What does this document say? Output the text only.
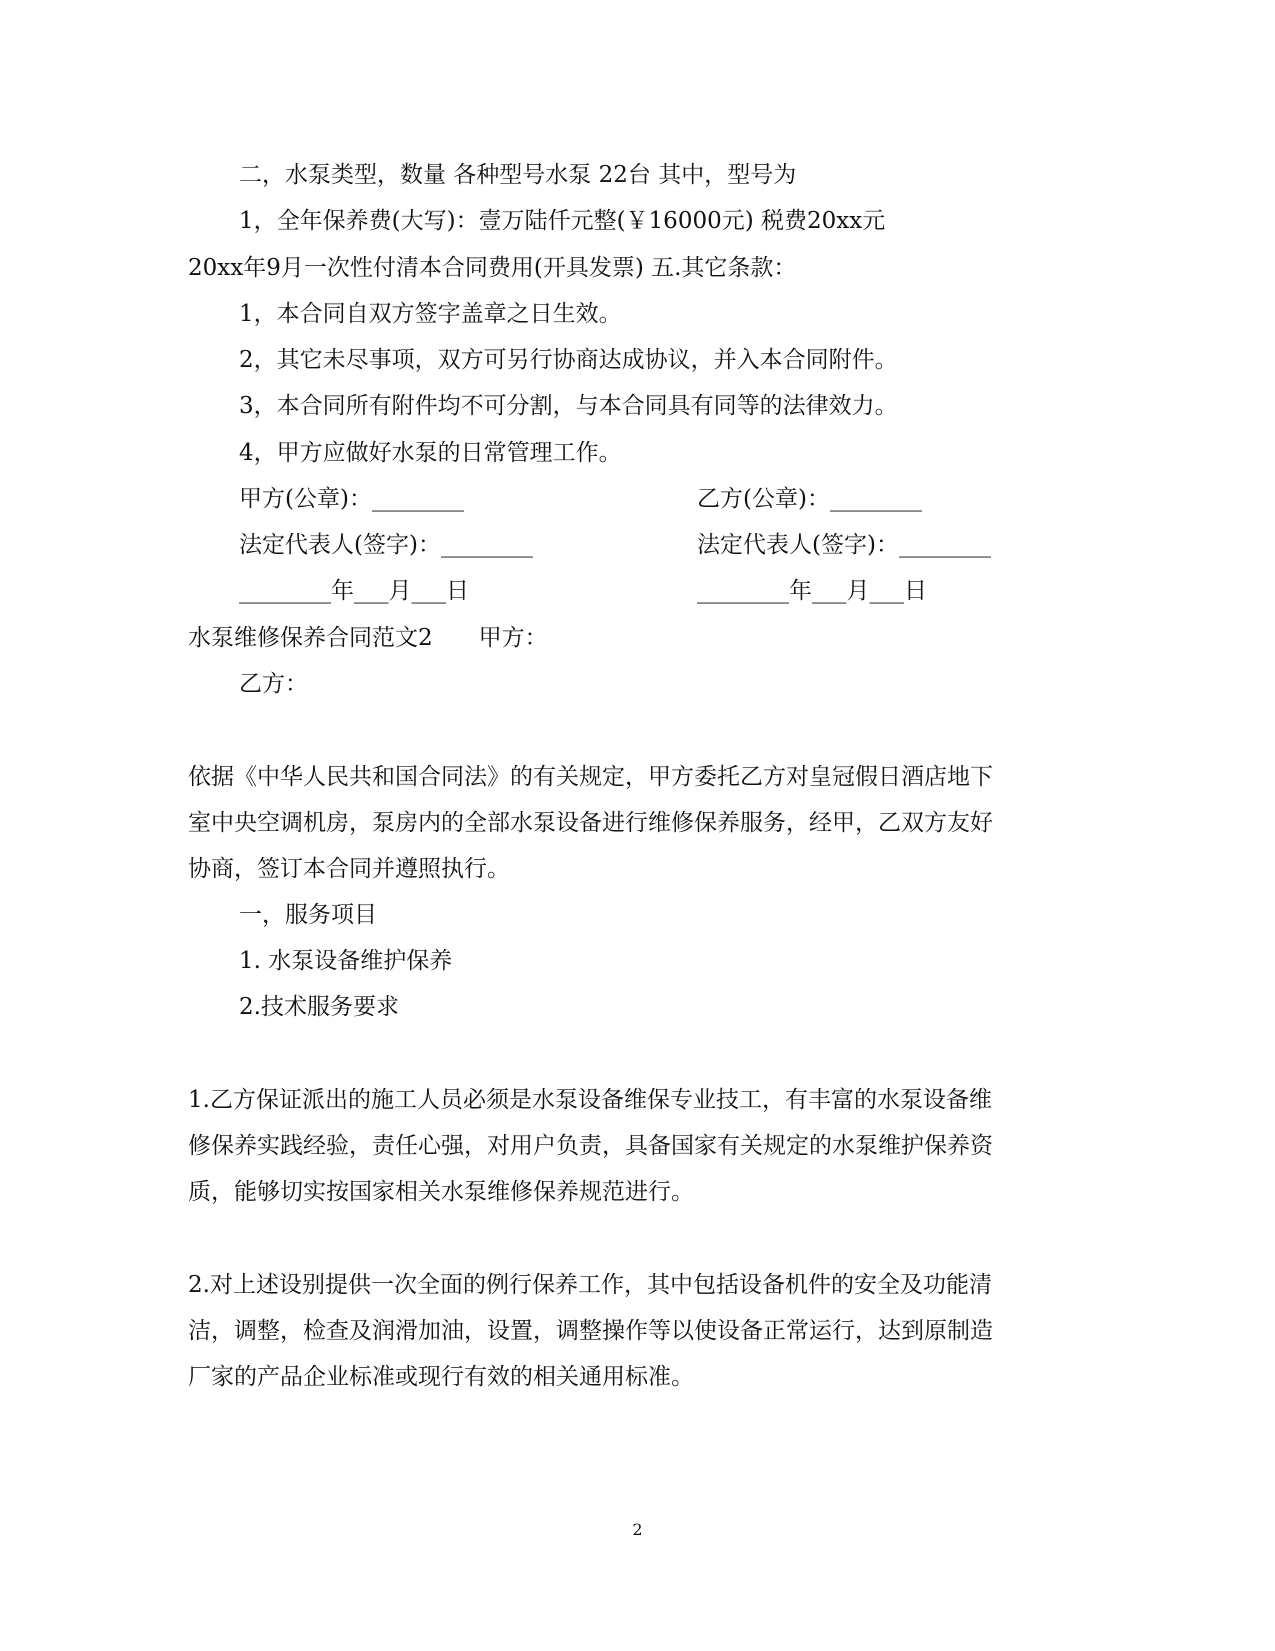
二，水泵类型，数量 各种型号水泵 22台 其中，型号为
1，全年保养费(大写)：壹万陆仟元整(￥16000元) 税费20xx元
20xx年9月一次性付清本合同费用(开具发票) 五.其它条款：
1，本合同自双方签字盖章之日生效。
2，其它未尽事项，双方可另行协商达成协议，并入本合同附件。
3，本合同所有附件均不可分割，与本合同具有同等的法律效力。
4，甲方应做好水泵的日常管理工作。
甲方(公章)：________	乙方(公章)：________
法定代表人(签字)：________	法定代表人(签字)：________
________年___月___日	________年___月___日
水泵维修保养合同范文2　　甲方：
乙方：
依据《中华人民共和国合同法》的有关规定，甲方委托乙方对皇冠假日酒店地下
室中央空调机房，泵房内的全部水泵设备进行维修保养服务，经甲，乙双方友好
协商，签订本合同并遵照执行。
一，服务项目
1. 水泵设备维护保养
2.技术服务要求
1.乙方保证派出的施工人员必须是水泵设备维保专业技工，有丰富的水泵设备维
修保养实践经验，责任心强，对用户负责，具备国家有关规定的水泵维护保养资
质，能够切实按国家相关水泵维修保养规范进行。
2.对上述设别提供一次全面的例行保养工作，其中包括设备机件的安全及功能清
洁，调整，检查及润滑加油，设置，调整操作等以使设备正常运行，达到原制造
厂家的产品企业标准或现行有效的相关通用标准。
2
